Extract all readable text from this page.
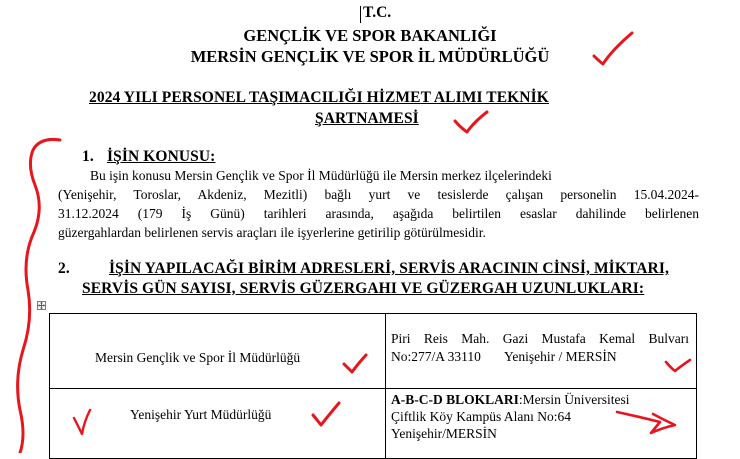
T.C.
GENÇLİK VE SPOR BAKANLIĞI
MERSİN GENÇLİK VE SPOR İL MÜDÜRLÜĞÜ
2024 YILI PERSONEL TAŞIMACILIĞI HİZMET ALIMI TEKNİK
ŞARTNAMESİ
1. İŞİN KONUSU:
Bu işin konusu Mersin Gençlik ve Spor İl Müdürlüğü ile Mersin merkez ilçelerindeki
(Yenişehir, Toroslar, Akdeniz, Mezitli) bağlı yurt ve tesislerde çalışan personelin 15.04.2024-
31.12.2024 (179 İş Günü) tarihleri arasında, aşağıda belirtilen esaslar dahilinde belirlenen
güzergahlardan belirlenen servis araçları ile işyerlerine getirilip götürülmesidir.
2.	İŞİN YAPILACAĞI BİRİM ADRESLERİ, SERVİS ARACININ CİNSİ, MİKTARI,
SERVİS GÜN SAYISI, SERVİS GÜZERGAHI VE GÜZERGAH UZUNLUKLARI:
Mersin Gençlik ve Spor İl Müdürlüğü	Piri Reis Mah. Gazi Mustafa Kemal Bulvarı
No:277/A 33110       Yenişehir / MERSİN

Yenişehir Yurt Müdürlüğü	A-B-C-D BLOKLARI:Mersin Üniversitesi
Çiftlik Köy Kampüs Alanı No:64
Yenişehir/MERSİN
